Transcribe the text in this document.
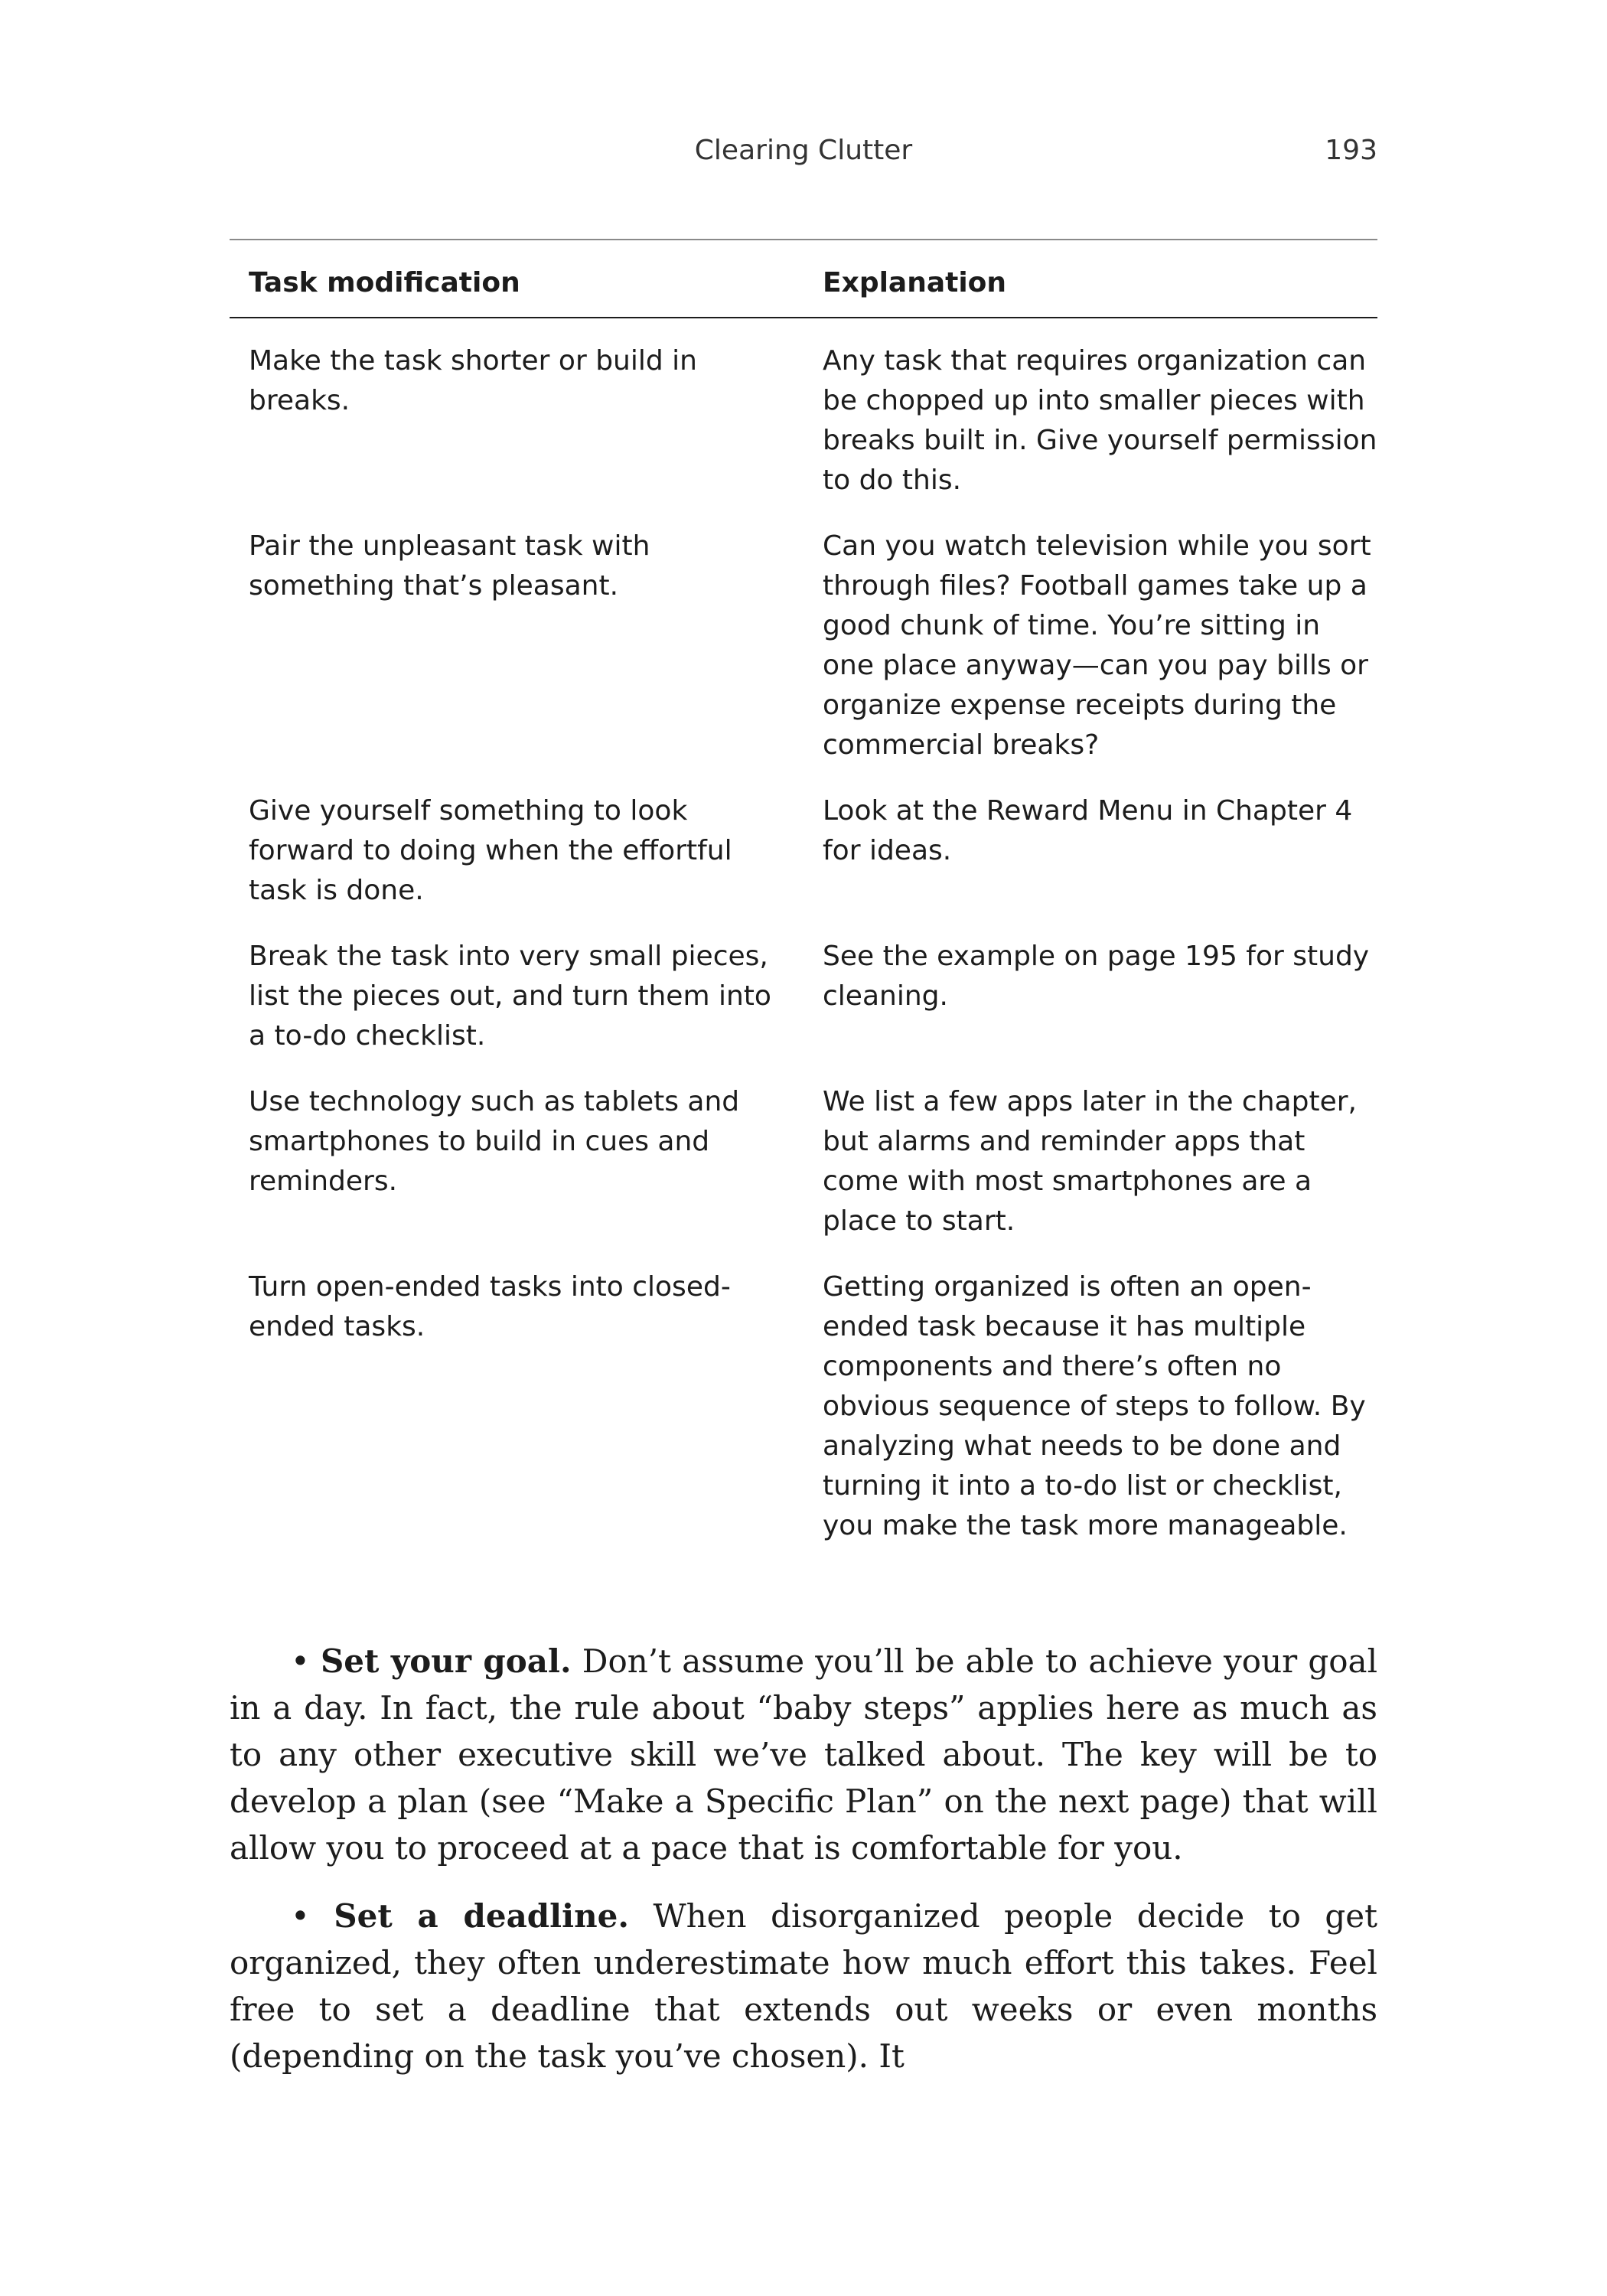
Clearing Clutter	193
Task modification	Explanation
Make the task shorter or build in breaks.	Any task that requires organization can be chopped up into smaller pieces with breaks built in. Give yourself permission to do this.
Pair the unpleasant task with something that’s pleasant.	Can you watch television while you sort through files? Football games take up a good chunk of time. You’re sitting in one place anyway—can you pay bills or organize expense receipts during the commercial breaks?
Give yourself something to look forward to doing when the effortful task is done.	Look at the Reward Menu in Chapter 4 for ideas.
Break the task into very small pieces, list the pieces out, and turn them into a to-do checklist.	See the example on page 195 for study cleaning.
Use technology such as tablets and smartphones to build in cues and reminders.	We list a few apps later in the chapter, but alarms and reminder apps that come with most smartphones are a place to start.
Turn open-ended tasks into closed-ended tasks.	Getting organized is often an open-ended task because it has multiple components and there’s often no obvious sequence of steps to follow. By analyzing what needs to be done and turning it into a to-do list or checklist, you make the task more manageable.

• Set your goal. Don’t assume you’ll be able to achieve your goal in a day. In fact, the rule about “baby steps” applies here as much as to any other executive skill we’ve talked about. The key will be to develop a plan (see “Make a Specific Plan” on the next page) that will allow you to proceed at a pace that is comfortable for you.

• Set a deadline. When disorganized people decide to get organized, they often underestimate how much effort this takes. Feel free to set a deadline that extends out weeks or even months (depending on the task you’ve chosen). It
